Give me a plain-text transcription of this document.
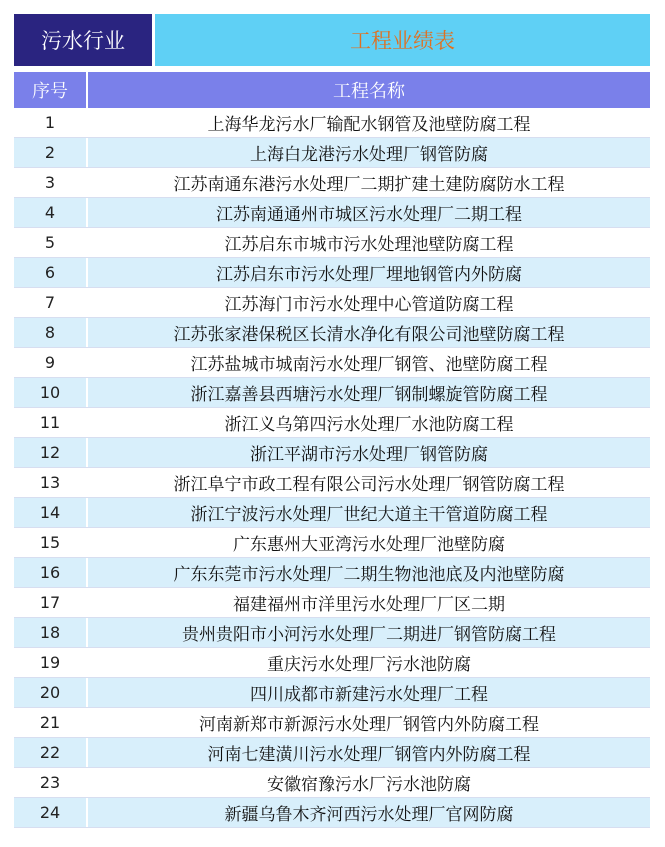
污水行业	工程业绩表
序号	工程名称
1	上海华龙污水厂输配水钢管及池壁防腐工程
2	上海白龙港污水处理厂钢管防腐
3	江苏南通东港污水处理厂二期扩建土建防腐防水工程
4	江苏南通通州市城区污水处理厂二期工程
5	江苏启东市城市污水处理池壁防腐工程
6	江苏启东市污水处理厂埋地钢管内外防腐
7	江苏海门市污水处理中心管道防腐工程
8	江苏张家港保税区长清水净化有限公司池壁防腐工程
9	江苏盐城市城南污水处理厂钢管、池壁防腐工程
10	浙江嘉善县西塘污水处理厂钢制螺旋管防腐工程
11	浙江义乌第四污水处理厂水池防腐工程
12	浙江平湖市污水处理厂钢管防腐
13	浙江阜宁市政工程有限公司污水处理厂钢管防腐工程
14	浙江宁波污水处理厂世纪大道主干管道防腐工程
15	广东惠州大亚湾污水处理厂池壁防腐
16	广东东莞市污水处理厂二期生物池池底及内池壁防腐
17	福建福州市洋里污水处理厂厂区二期
18	贵州贵阳市小河污水处理厂二期进厂钢管防腐工程
19	重庆污水处理厂污水池防腐
20	四川成都市新建污水处理厂工程
21	河南新郑市新源污水处理厂钢管内外防腐工程
22	河南七建潢川污水处理厂钢管内外防腐工程
23	安徽宿豫污水厂污水池防腐
24	新疆乌鲁木齐河西污水处理厂官网防腐
